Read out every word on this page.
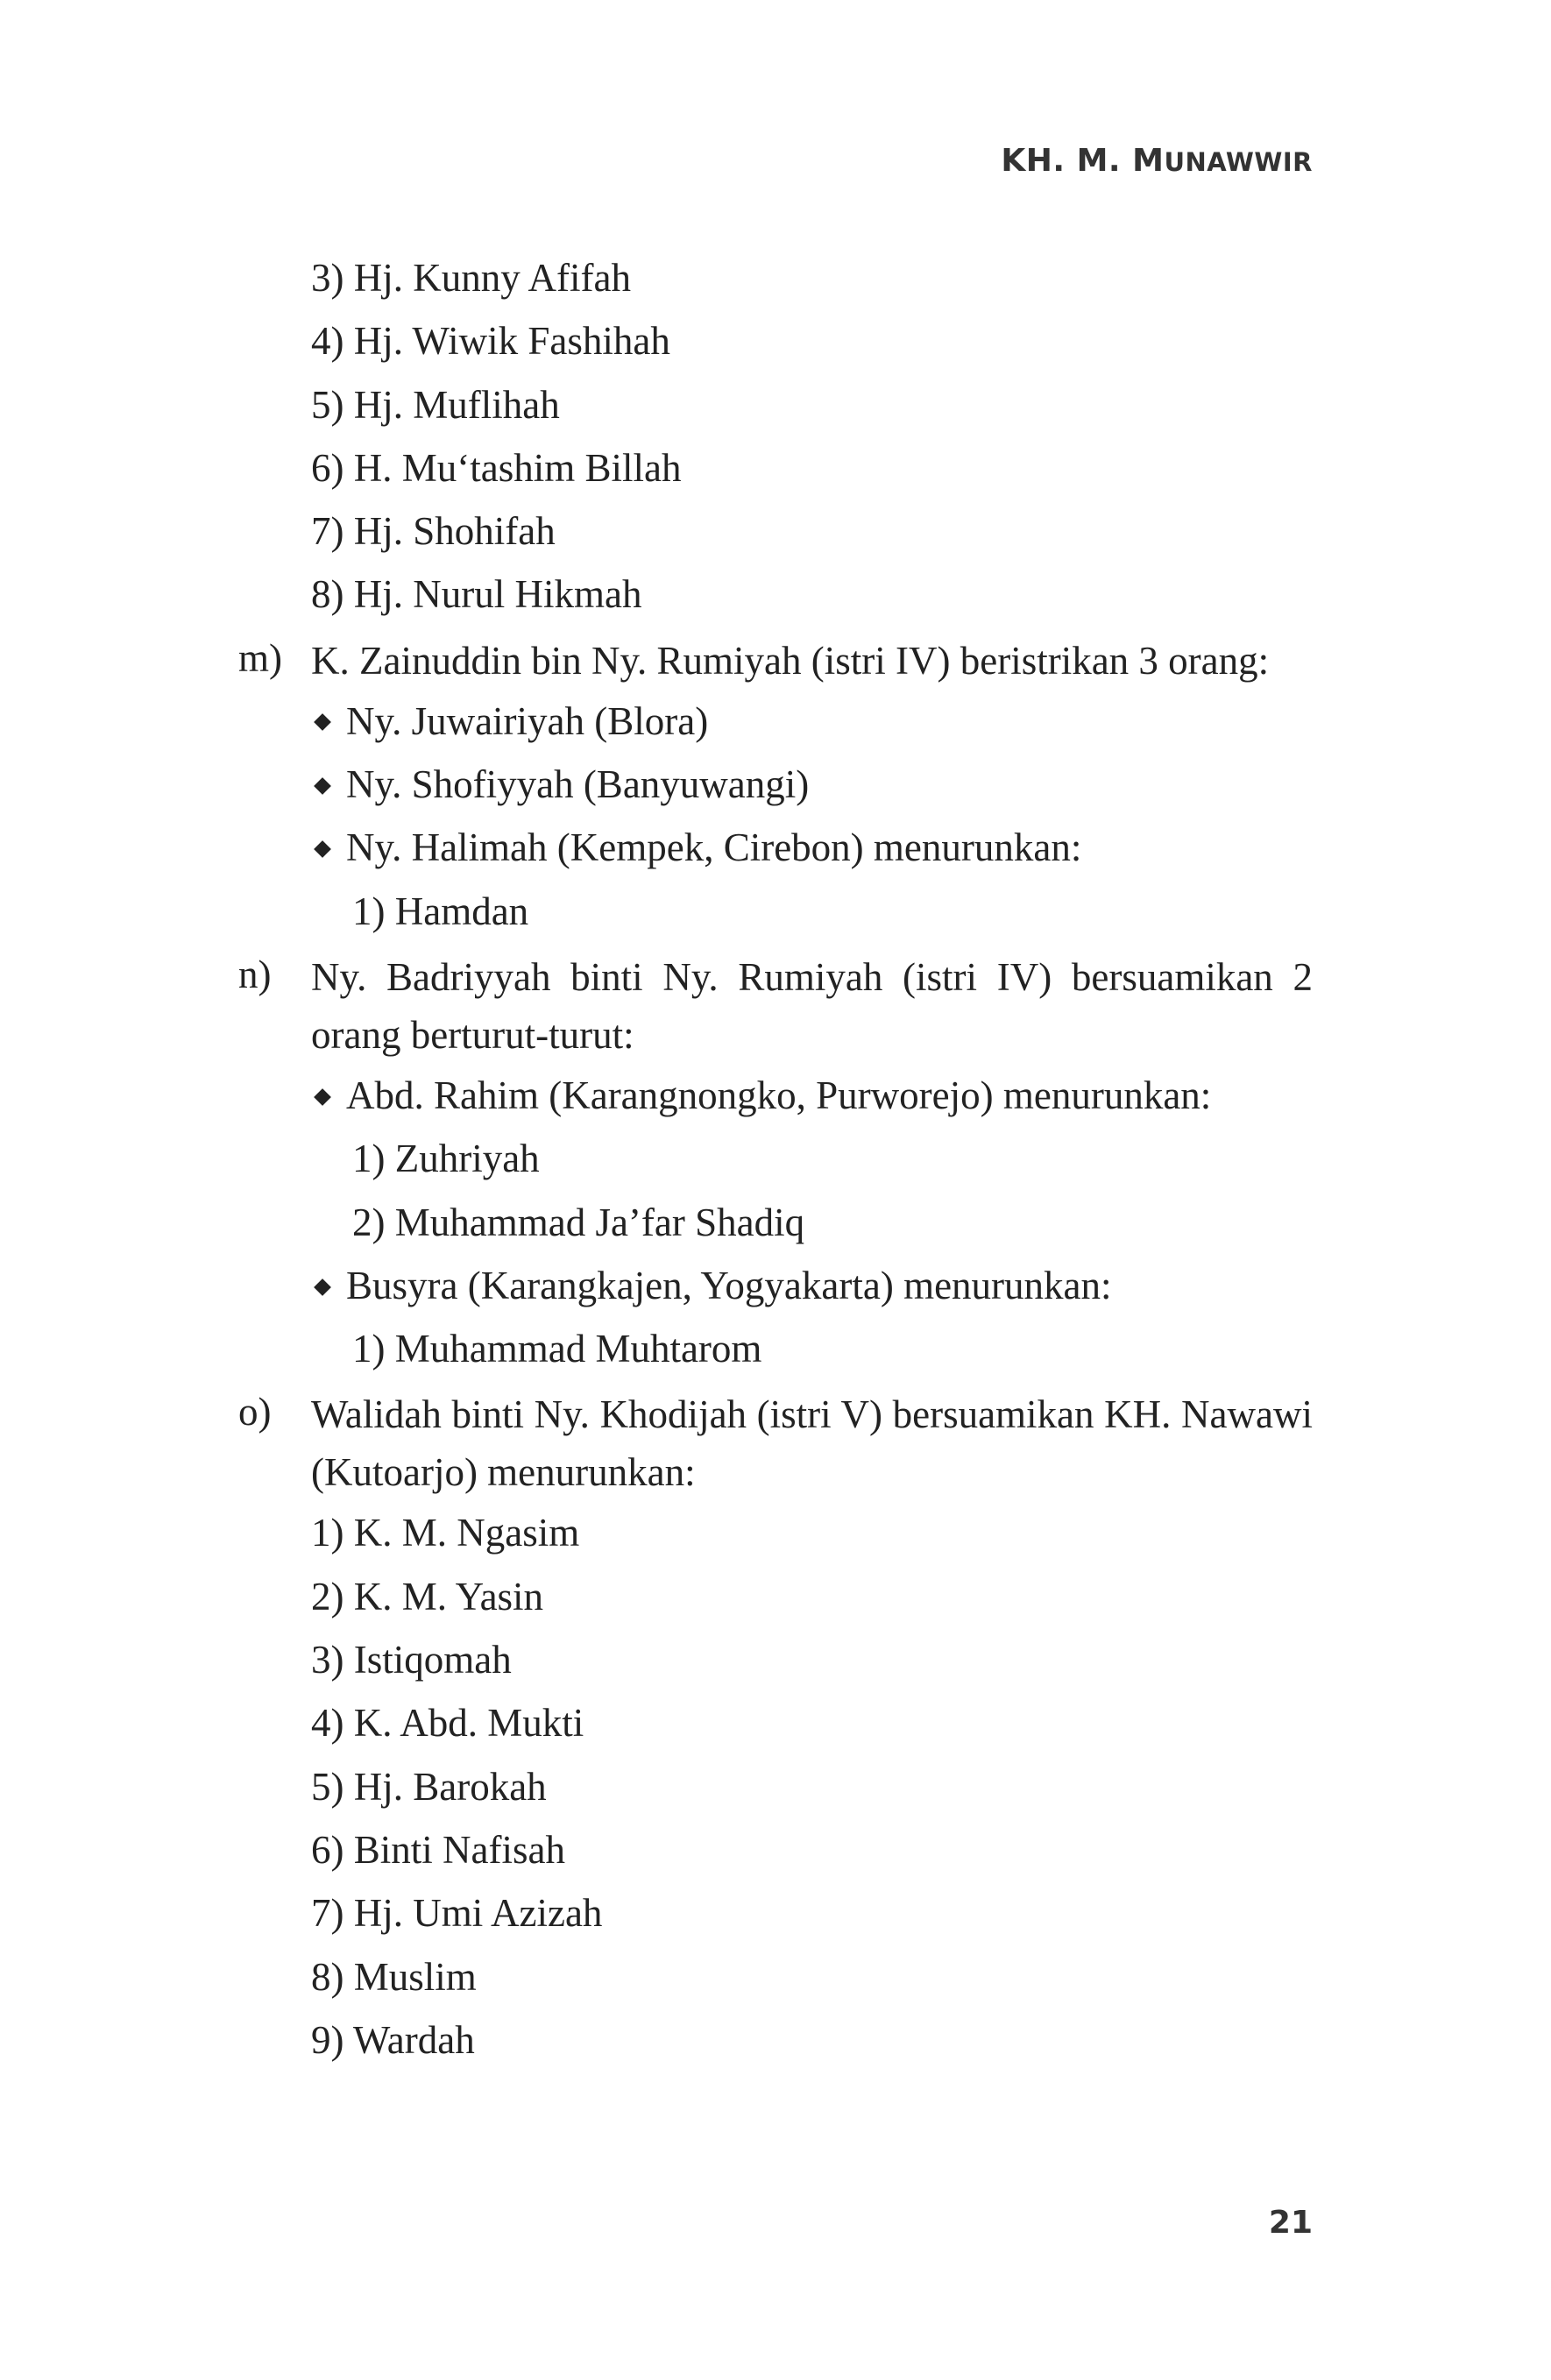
KH. M. MUNAWWIR
3) Hj. Kunny Afifah
4) Hj. Wiwik Fashihah
5) Hj. Muflihah
6) H. Mu‘tashim Billah
7) Hj. Shohifah
8) Hj. Nurul Hikmah
m) K. Zainuddin bin Ny. Rumiyah (istri IV) beristrikan 3 orang:
Ny. Juwairiyah (Blora)
Ny. Shofiyyah (Banyuwangi)
Ny. Halimah (Kempek, Cirebon) menurunkan:
1) Hamdan
n) Ny. Badriyyah binti Ny. Rumiyah (istri IV) bersuamikan 2 orang berturut-turut:
Abd. Rahim (Karangnongko, Purworejo) menurunkan:
1) Zuhriyah
2) Muhammad Ja’far Shadiq
Busyra (Karangkajen, Yogyakarta) menurunkan:
1) Muhammad Muhtarom
o) Walidah binti Ny. Khodijah (istri V) bersuamikan KH. Nawawi (Kutoarjo) menurunkan:
1) K. M. Ngasim
2) K. M. Yasin
3) Istiqomah
4) K. Abd. Mukti
5) Hj. Barokah
6) Binti Nafisah
7) Hj. Umi Azizah
8) Muslim
9) Wardah
21
